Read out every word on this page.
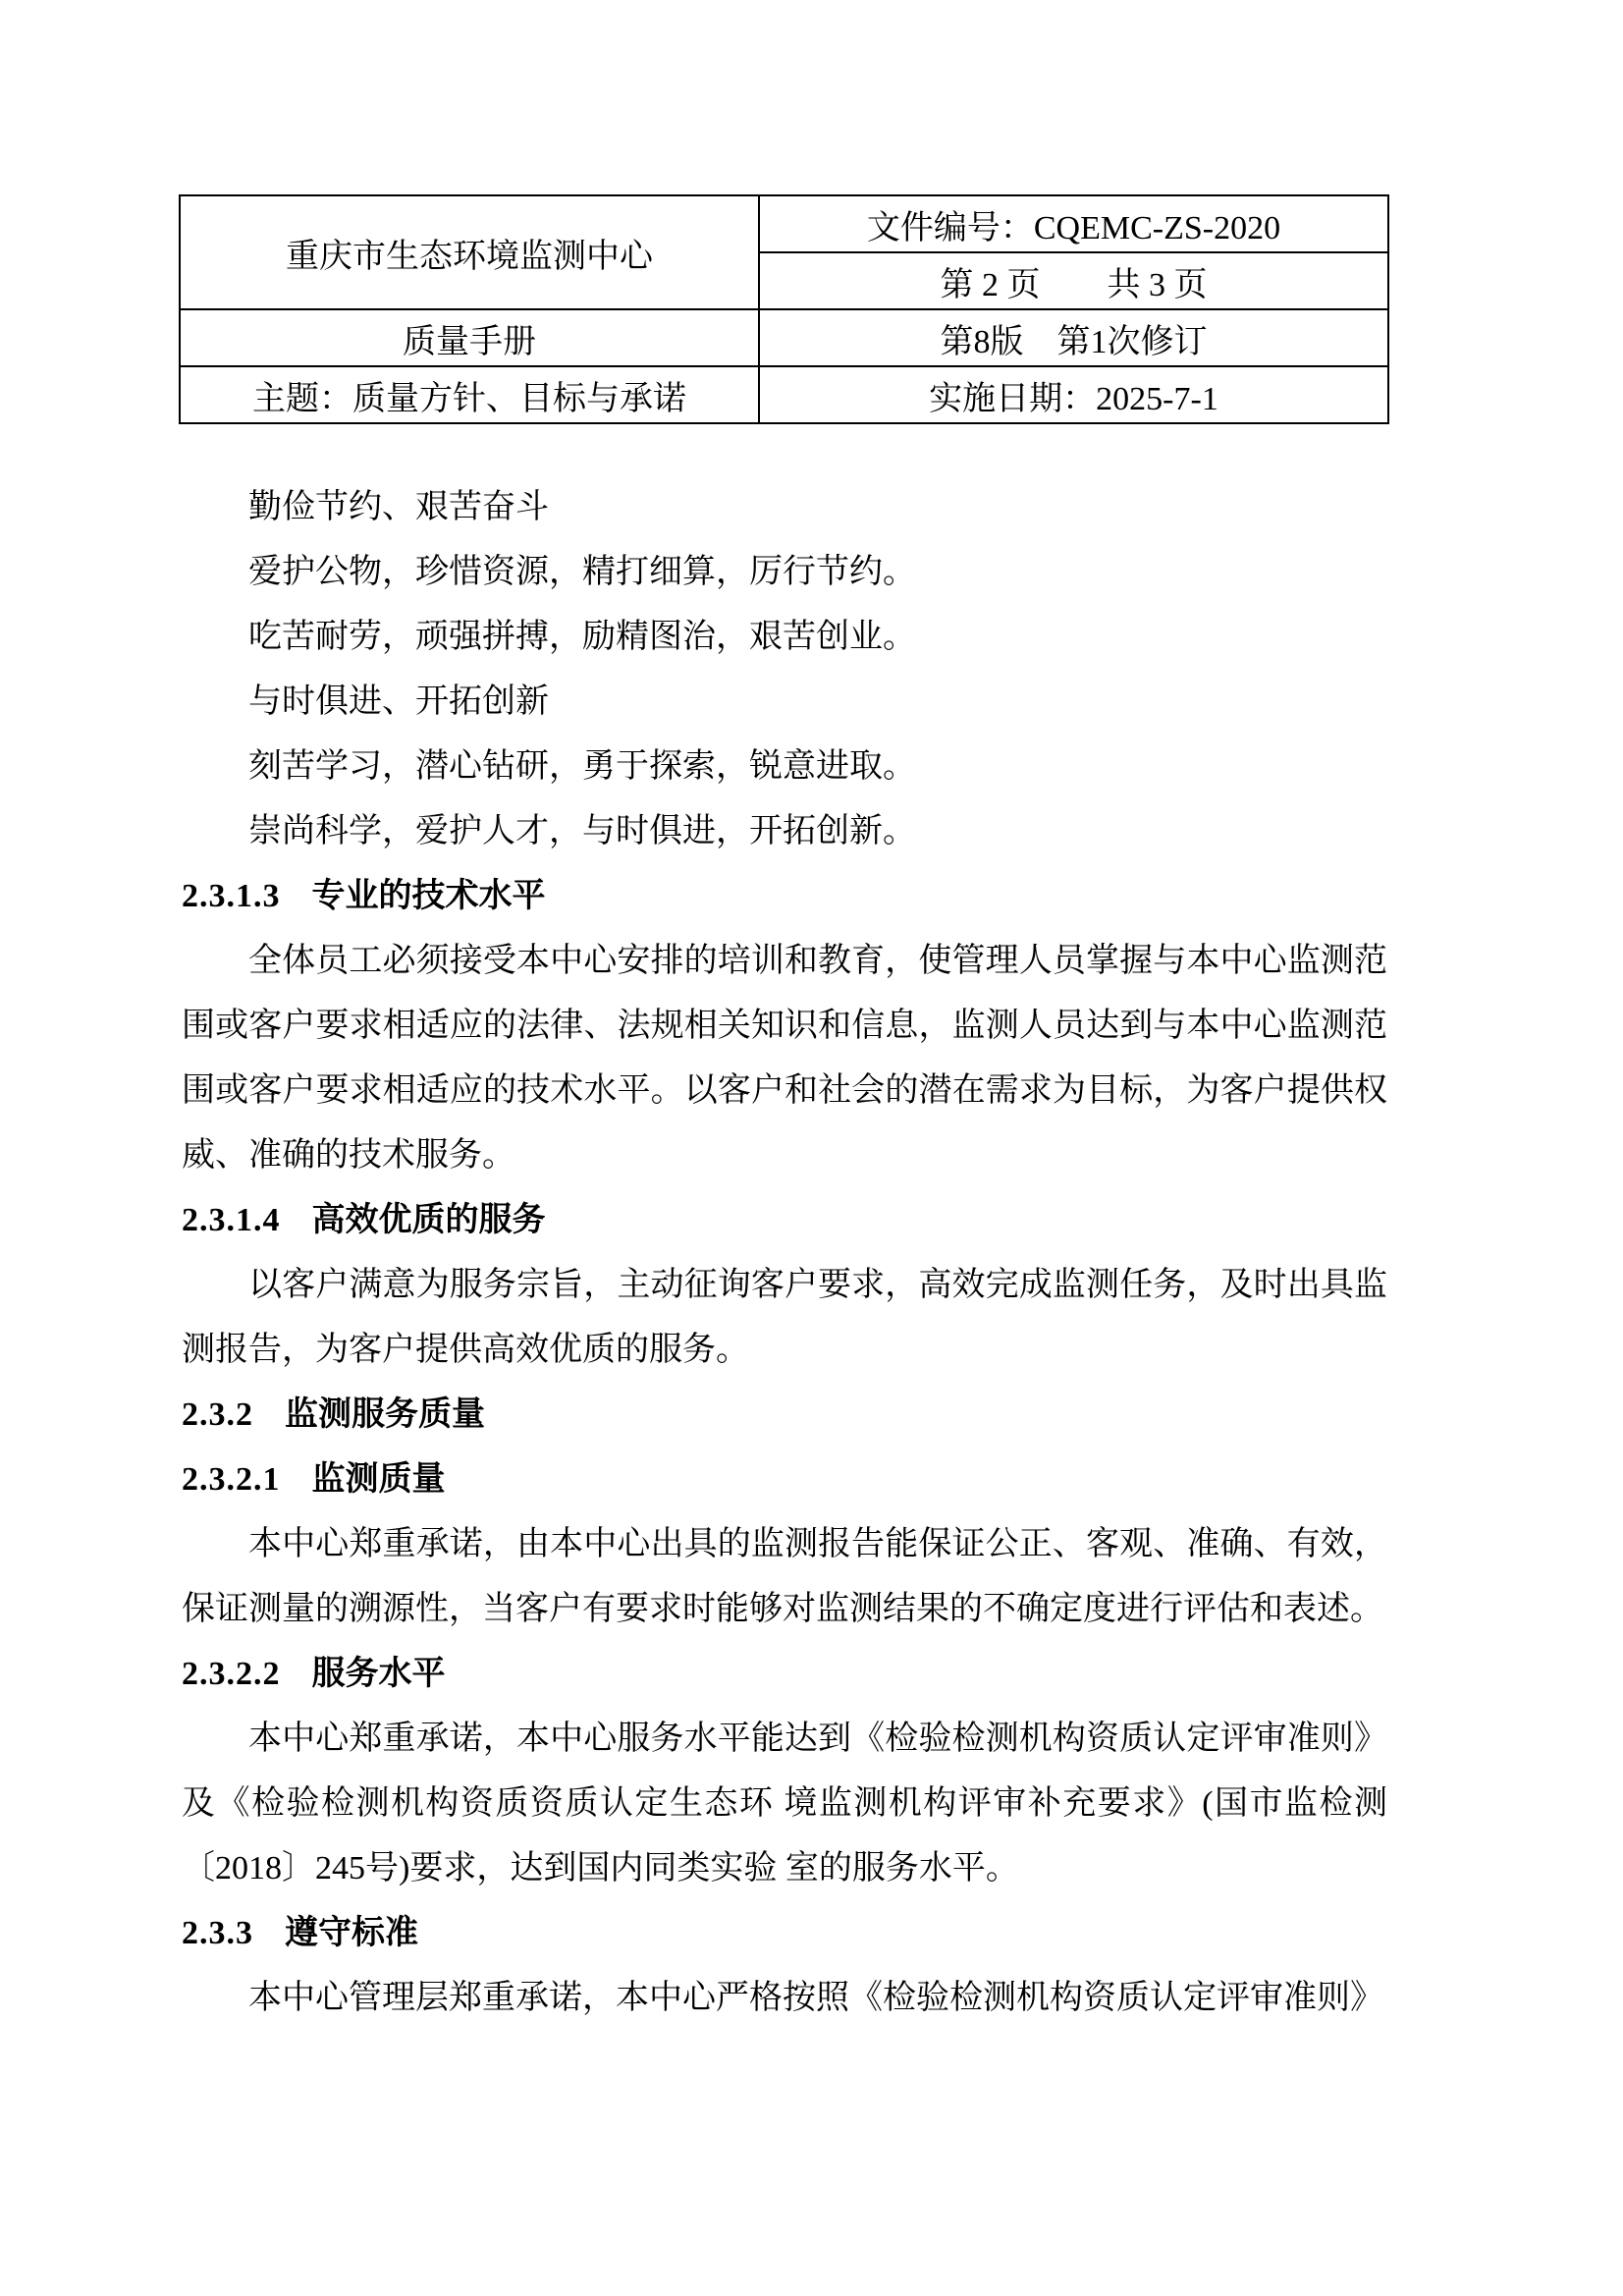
重庆市生态环境监测中心	文件编号：CQEMC-ZS-2020
	第 2 页　　共 3 页
质量手册	第8版　第1次修订
主题：质量方针、目标与承诺	实施日期：2025-7-1

勤俭节约、艰苦奋斗

爱护公物，珍惜资源，精打细算，厉行节约。

吃苦耐劳，顽强拼搏，励精图治，艰苦创业。

与时俱进、开拓创新

刻苦学习，潜心钻研，勇于探索，锐意进取。

崇尚科学，爱护人才，与时俱进，开拓创新。

2.3.1.3 专业的技术水平

全体员工必须接受本中心安排的培训和教育，使管理人员掌握与本中心监测范围或客户要求相适应的法律、法规相关知识和信息，监测人员达到与本中心监测范围或客户要求相适应的技术水平。以客户和社会的潜在需求为目标，为客户提供权威、准确的技术服务。

2.3.1.4 高效优质的服务

以客户满意为服务宗旨，主动征询客户要求，高效完成监测任务，及时出具监测报告，为客户提供高效优质的服务。

2.3.2 监测服务质量

2.3.2.1 监测质量

本中心郑重承诺，由本中心出具的监测报告能保证公正、客观、准确、有效，保证测量的溯源性，当客户有要求时能够对监测结果的不确定度进行评估和表述。

2.3.2.2 服务水平

本中心郑重承诺，本中心服务水平能达到《检验检测机构资质认定评审准则》及《检验检测机构资质资质认定生态环 境监测机构评审补充要求》(国市监检测〔2018〕245号)要求，达到国内同类实验 室的服务水平。

2.3.3 遵守标准

本中心管理层郑重承诺，本中心严格按照《检验检测机构资质认定评审准则》
